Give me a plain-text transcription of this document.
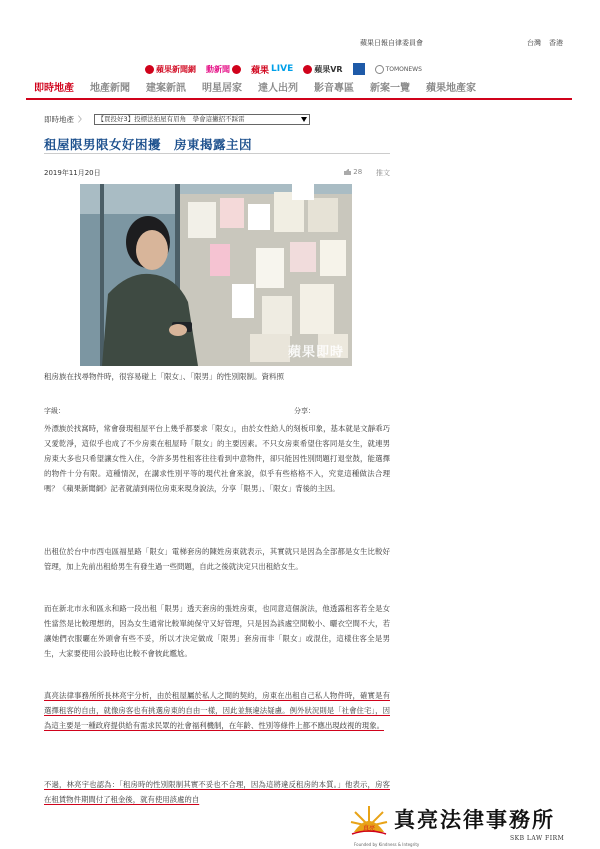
蘋果日報自律委員會	台灣 香港
蘋果新聞網 動新聞 蘋果 LIVE	蘋果VR	TOMONEWS
即時地產	地產新聞	建案新訊	明星居家	達人出列	影音專區	新案一覽	蘋果地產家
即時地產 〉	【買投好3】投標法拍屋有眉角　學會這撇招不踩雷
租屋限男限女好困擾　房東揭露主因
2019年11月20日	28 推文
蘋果即時

租房族在找尋物件時，很容易碰上「限女」、「限男」的性別限制。資料照

字級：	分享：

外漂族於找窩時，常會發現租屋平台上幾乎都要求「限女」，由於女性給人的刻板印象，基本就是文靜乖巧又愛乾淨，這似乎也成了不少房東在租屋時「限女」的主要因素。不只女房東希望住客同是女生，就連男房東大多也只希望讓女性入住，令許多男性租客往往看到中意物件，卻只能因性別問題打退堂鼓，能選擇的物件十分有限。這種情況，在講求性別平等的現代社會來說，似乎有些格格不入，究竟這種做法合理嗎？《蘋果新聞網》記者就請到兩位房東來現身說法，分享「限男」、「限女」背後的主因。

出租位於台中市西屯區福星路「限女」電梯套房的陳姓房東就表示，其實就只是因為全部都是女生比較好管理，加上先前出租給男生有發生過一些問題，自此之後就決定只出租給女生。

而在新北市永和區永和路一段出租「限男」透天套房的張姓房東，也同意這個說法，他透露租客若全是女性當然是比較理想的，因為女生通常比較單純保守又好管理，只是因為該處空間較小、曬衣空間不大，若讓她們衣服曬在外頭會有些不妥，所以才決定做成「限男」套房而非「限女」或混住，這樣住客全是男生，大家要使用公設時也比較不會彼此尷尬。

真亮法律事務所所長林亮宇分析，由於租屋屬於私人之間的契約，房東在出租自己私人物件時，確實是有選擇租客的自由，就像房客也有挑選房東的自由一樣，因此並無違法疑慮。例外狀況則是「社會住宅」，因為這主要是一種政府提供給有需求民眾的社會福利機制，在年齡、性別等條件上都不應出現歧視的現象。

不過，林亮宇也認為：「租房時的性別限制其實不妥也不合理，因為這將違反租房的本質。」他表示，房客在租賃物件期間付了租金後，就有使用該處的自

真亮 真亮法律事務所
SKB LAW FIRM
Founded by Kindness & Integrity
